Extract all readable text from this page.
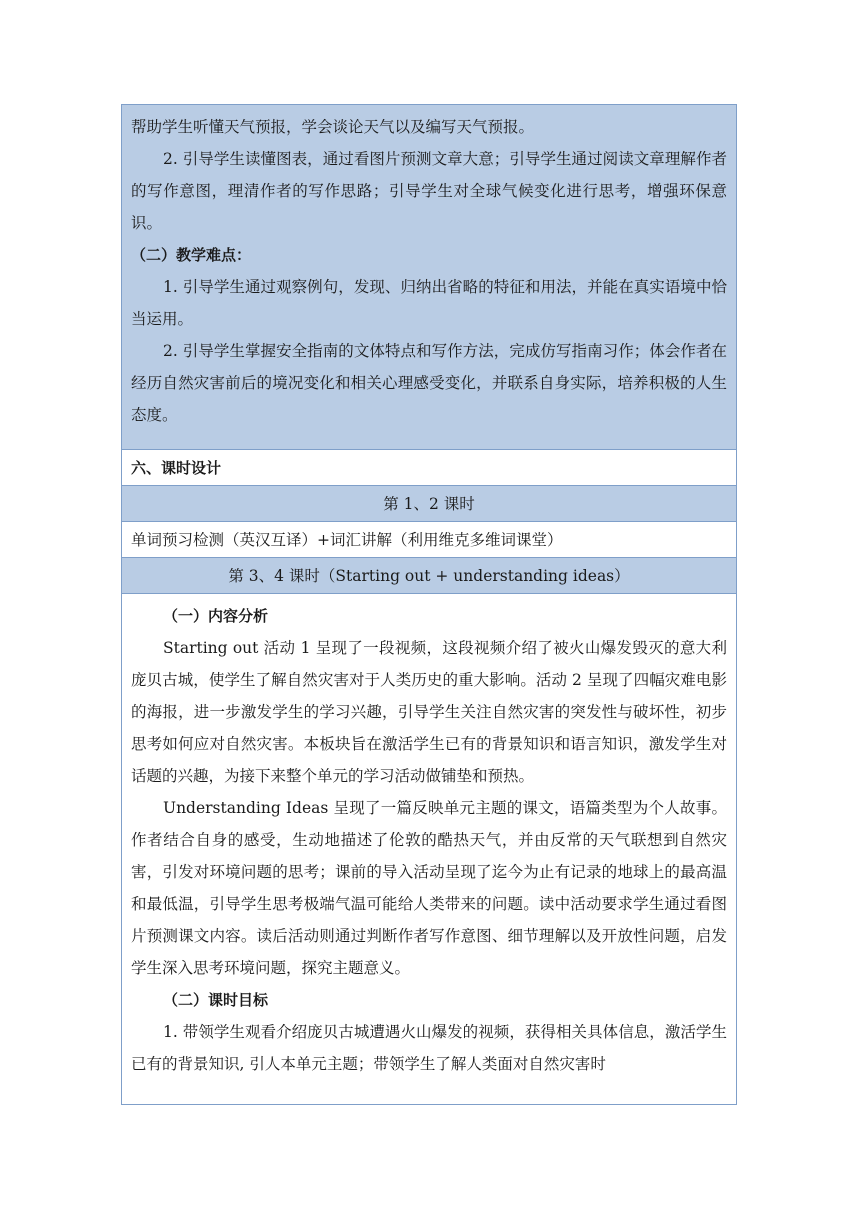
帮助学生听懂天气预报，学会谈论天气以及编写天气预报。

2. 引导学生读懂图表，通过看图片预测文章大意；引导学生通过阅读文章理解作者的写作意图，理清作者的写作思路；引导学生对全球气候变化进行思考，增强环保意识。

（二）教学难点：

1. 引导学生通过观察例句，发现、归纳出省略的特征和用法，并能在真实语境中恰当运用。

2. 引导学生掌握安全指南的文体特点和写作方法，完成仿写指南习作；体会作者在经历自然灾害前后的境况变化和相关心理感受变化，并联系自身实际，培养积极的人生态度。

六、课时设计
第 1、2 课时
单词预习检测（英汉互译）+词汇讲解（利用维克多维词课堂）
第 3、4 课时（Starting out + understanding ideas）

（一）内容分析

Starting out 活动 1 呈现了一段视频，这段视频介绍了被火山爆发毁灭的意大利庞贝古城，使学生了解自然灾害对于人类历史的重大影响。活动 2 呈现了四幅灾难电影的海报，进一步激发学生的学习兴趣，引导学生关注自然灾害的突发性与破坏性，初步思考如何应对自然灾害。本板块旨在激活学生已有的背景知识和语言知识，激发学生对话题的兴趣，为接下来整个单元的学习活动做铺垫和预热。

Understanding Ideas 呈现了一篇反映单元主题的课文，语篇类型为个人故事。作者结合自身的感受，生动地描述了伦敦的酷热天气，并由反常的天气联想到自然灾害，引发对环境问题的思考；课前的导入活动呈现了迄今为止有记录的地球上的最高温和最低温，引导学生思考极端气温可能给人类带来的问题。读中活动要求学生通过看图片预测课文内容。读后活动则通过判断作者写作意图、细节理解以及开放性问题，启发学生深入思考环境问题，探究主题意义。

（二）课时目标

1. 带领学生观看介绍庞贝古城遭遇火山爆发的视频，获得相关具体信息，激活学生已有的背景知识, 引人本单元主题；带领学生了解人类面对自然灾害时
